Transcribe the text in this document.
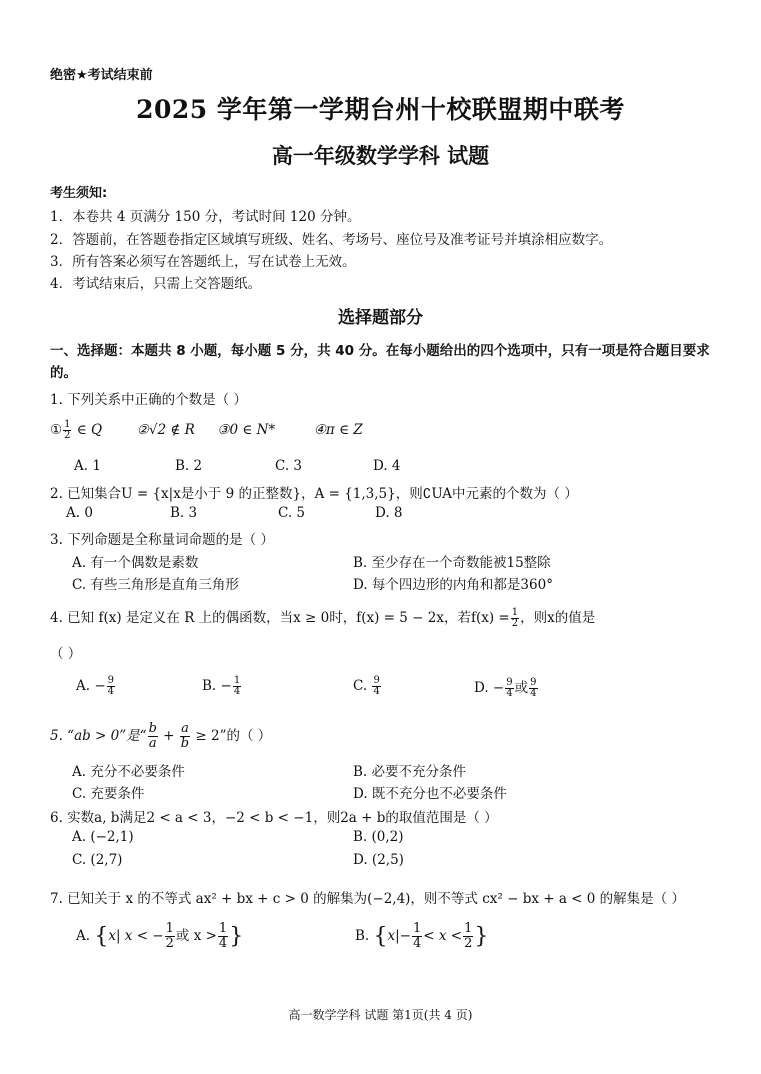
绝密★考试结束前
2025 学年第一学期台州十校联盟期中联考
高一年级数学学科 试题
考生须知:
1．本卷共 4 页满分 150 分，考试时间 120 分钟。
2．答题前，在答题卷指定区域填写班级、姓名、考场号、座位号及准考证号并填涂相应数字。
3．所有答案必须写在答题纸上，写在试卷上无效。
4．考试结束后，只需上交答题纸。
选择题部分
一、选择题：本题共 8 小题，每小题 5 分，共 40 分。在每小题给出的四个选项中，只有一项是符合题目要求的。
1. 下列关系中正确的个数是（ ）
① $\frac{1}{2}$ ∈ Q	②√2 ∉ R ③0 ∈ N*	④π ∈ Z
A. 1	B. 2	C. 3	D. 4
2. 已知集合U = {x|x是小于 9 的正整数}，A = {1,3,5}，则∁UA中元素的个数为（ ）
A. 0	B. 3	C. 5	D. 8
3. 下列命题是全称量词命题的是（ ）
A. 有一个偶数是素数	B. 至少存在一个奇数能被15整除
C. 有些三角形是直角三角形	D. 每个四边形的内角和都是360°
4. 已知 f(x) 是定义在 R 上的偶函数，当x ≥ 0时，f(x) = 5 − 2x，若$f(x) = \frac{1}{2}$ ，则x的值是
（ ）
A. − $\frac{9}{4}$	B. − $\frac{1}{4}$	C. $\frac{9}{4}$	D. − $\frac{9}{4}$ 或 $\frac{9}{4}$
5. “ab > 0”是“ $\frac{b}{a} + \frac{a}{b} \ge 2$”的（ ）
A. 充分不必要条件	B. 必要不充分条件
C. 充要条件	D. 既不充分也不必要条件
6. 实数a, b满足2 < a < 3，−2 < b < −1，则2a + b的取值范围是（ ）
A. (−2,1)	B. (0,2)
C. (2,7)	D. (2,5)
7. 已知关于 x 的不等式 ax² + bx + c > 0 的解集为(−2,4)，则不等式 cx² − bx + a < 0 的解集是（ ）
A. {x| x < − $\frac{1}{2}$ 或 $x > \frac{1}{4}$ }	B. {$x|- \frac{1}{4} < x < \frac{1}{2}$ }
高一数学学科 试题 第1页(共 4 页)
